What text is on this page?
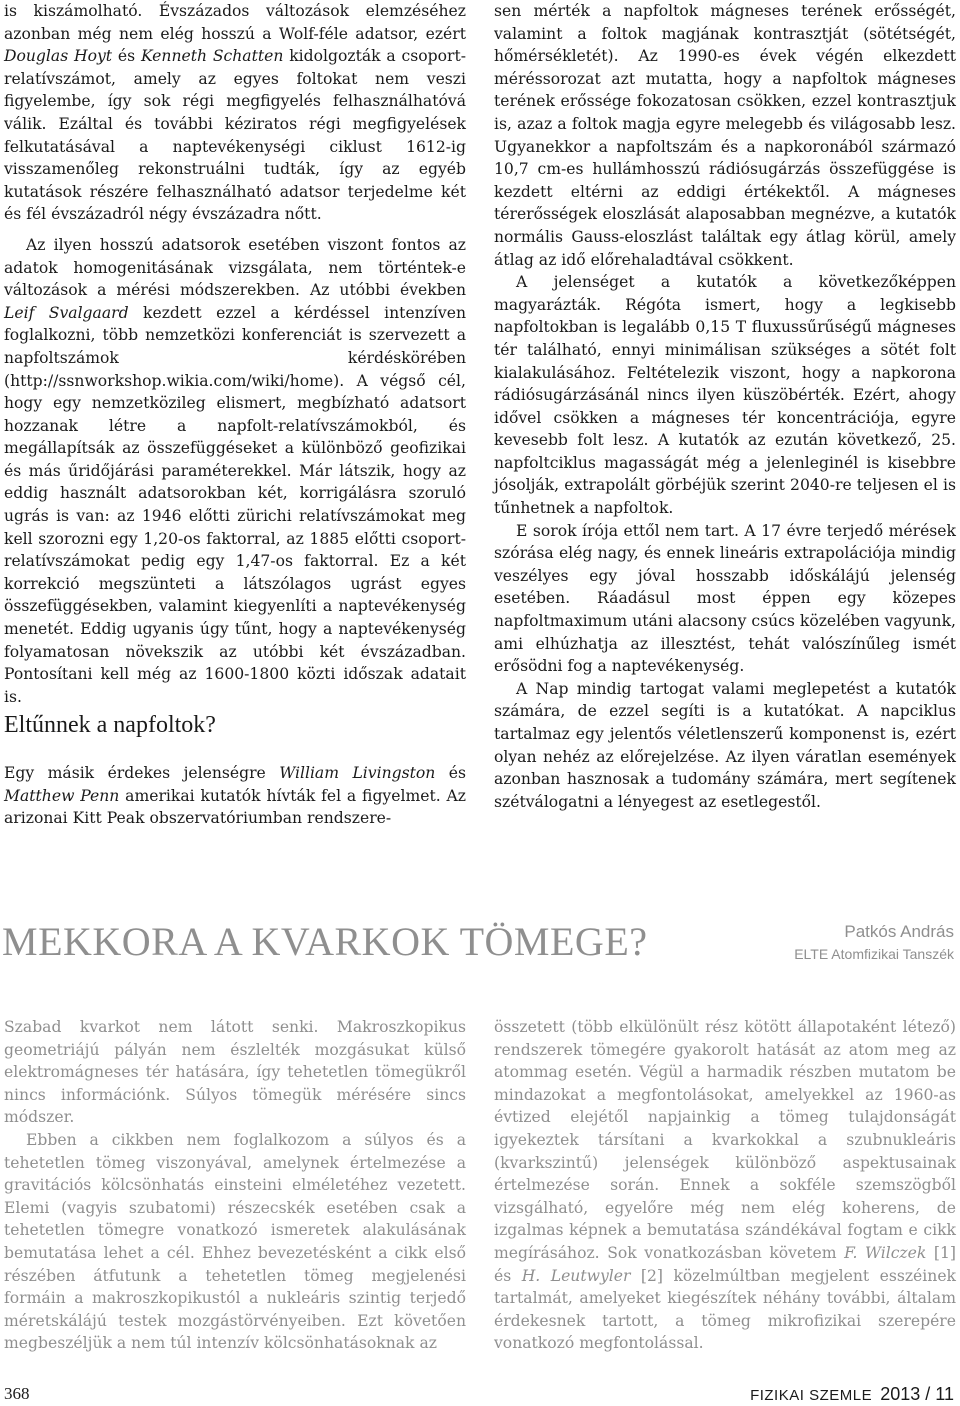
is kiszámolható. Évszázados változások elemzéséhez azonban még nem elég hosszú a Wolf-féle adatsor, ezért Douglas Hoyt és Kenneth Schatten kidolgozták a csoport-relatívszámot, amely az egyes foltokat nem veszi figyelembe, így sok régi megfigyelés felhasználhatóvá válik. Ezáltal és további kéziratos régi megfigyelések felkutatásával a naptevékenységi ciklust 1612-ig visszamenőleg rekonstruálni tudták, így az egyéb kutatások részére felhasználható adatsor terjedelme két és fél évszázadról négy évszázadra nőtt.

Az ilyen hosszú adatsorok esetében viszont fontos az adatok homogenitásának vizsgálata, nem történtek-e változások a mérési módszerekben. Az utóbbi években Leif Svalgaard kezdett ezzel a kérdéssel intenzíven foglalkozni, több nemzetközi konferenciát is szervezett a napfoltszámok kérdéskörében (http://ssnworkshop.wikia.com/wiki/home). A végső cél, hogy egy nemzetközileg elismert, megbízható adatsort hozzanak létre a napfolt-relatívszámokból, és megállapítsák az összefüggéseket a különböző geofizikai és más űridőjárási paraméterekkel. Már látszik, hogy az eddig használt adatsorokban két, korrigálásra szoruló ugrás is van: az 1946 előtti zürichi relatívszámokat meg kell szorozni egy 1,20-os faktorral, az 1885 előtti csoport-relatívszámokat pedig egy 1,47-os faktorral. Ez a két korrekció megszünteti a látszólagos ugrást egyes összefüggésekben, valamint kiegyenlíti a naptevékenység menetét. Eddig ugyanis úgy tűnt, hogy a naptevékenység folyamatosan növekszik az utóbbi két évszázadban. Pontosítani kell még az 1600-1800 közti időszak adatait is.

Eltűnnek a napfoltok?

Egy másik érdekes jelenségre William Livingston és Matthew Penn amerikai kutatók hívták fel a figyelmet. Az arizonai Kitt Peak obszervatóriumban rendszere-

sen mérték a napfoltok mágneses terének erősségét, valamint a foltok magjának kontrasztját (sötétségét, hőmérsékletét). Az 1990-es évek végén elkezdett méréssorozat azt mutatta, hogy a napfoltok mágneses terének erőssége fokozatosan csökken, ezzel kontrasztjuk is, azaz a foltok magja egyre melegebb és világosabb lesz. Ugyanekkor a napfoltszám és a napkoronából származó 10,7 cm-es hullámhosszú rádiósugárzás összefüggése is kezdett eltérni az eddigi értékektől. A mágneses térerősségek eloszlását alaposabban megnézve, a kutatók normális Gauss-eloszlást találtak egy átlag körül, amely átlag az idő előrehaladtával csökkent.

A jelenséget a kutatók a következőképpen magyarázták. Régóta ismert, hogy a legkisebb napfoltokban is legalább 0,15 T fluxussűrűségű mágneses tér található, ennyi minimálisan szükséges a sötét folt kialakulásához. Feltételezik viszont, hogy a napkorona rádiósugárzásánál nincs ilyen küszöbérték. Ezért, ahogy idővel csökken a mágneses tér koncentrációja, egyre kevesebb folt lesz. A kutatók az ezután következő, 25. napfoltciklus magasságát még a jelenleginél is kisebbre jósolják, extrapolált görbéjük szerint 2040-re teljesen el is tűnhetnek a napfoltok.

E sorok írója ettől nem tart. A 17 évre terjedő mérések szórása elég nagy, és ennek lineáris extrapolációja mindig veszélyes egy jóval hosszabb időskálájú jelenség esetében. Ráadásul most éppen egy közepes napfoltmaximum utáni alacsony csúcs közelében vagyunk, ami elhúzhatja az illesztést, tehát valószínűleg ismét erősödni fog a naptevékenység.

A Nap mindig tartogat valami meglepetést a kutatók számára, de ezzel segíti is a kutatókat. A napciklus tartalmaz egy jelentős véletlenszerű komponenst is, ezért olyan nehéz az előrejelzése. Az ilyen váratlan események azonban hasznosak a tudomány számára, mert segítenek szétválogatni a lényegest az esetlegestől.

MEKKORA A KVARKOK TÖMEGE?	Patkós András
ELTE Atomfizikai Tanszék

Szabad kvarkot nem látott senki. Makroszkopikus geometriájú pályán nem észlelték mozgásukat külső elektromágneses tér hatására, így tehetetlen tömegükről nincs információnk. Súlyos tömegük mérésére sincs módszer.

Ebben a cikkben nem foglalkozom a súlyos és a tehetetlen tömeg viszonyával, amelynek értelmezése a gravitációs kölcsönhatás einsteini elméletéhez vezetett. Elemi (vagyis szubatomi) részecskék esetében csak a tehetetlen tömegre vonatkozó ismeretek alakulásának bemutatása lehet a cél. Ehhez bevezetésként a cikk első részében átfutunk a tehetetlen tömeg megjelenési formáin a makroszkopikustól a nukleáris szintig terjedő méretskálájú testek mozgástörvényeiben. Ezt követően megbeszéljük a nem túl intenzív kölcsönhatásoknak az

összetett (több elkülönült rész kötött állapotaként létező) rendszerek tömegére gyakorolt hatását az atom meg az atommag esetén. Végül a harmadik részben mutatom be mindazokat a megfontolásokat, amelyekkel az 1960-as évtized elejétől napjainkig a tömeg tulajdonságát igyekeztek társítani a kvarkokkal a szubnukleáris (kvarkszintű) jelenségek különböző aspektusainak értelmezése során. Ennek a sokféle szemszögből vizsgálható, egyelőre még nem elég koherens, de izgalmas képnek a bemutatása szándékával fogtam e cikk megírásához. Sok vonatkozásban követem F. Wilczek [1] és H. Leutwyler [2] közelmúltban megjelent esszéinek tartalmát, amelyeket kiegészítek néhány további, általam érdekesnek tartott, a tömeg mikrofizikai szerepére vonatkozó megfontolással.

368	FIZIKAI SZEMLE 2013 / 11
